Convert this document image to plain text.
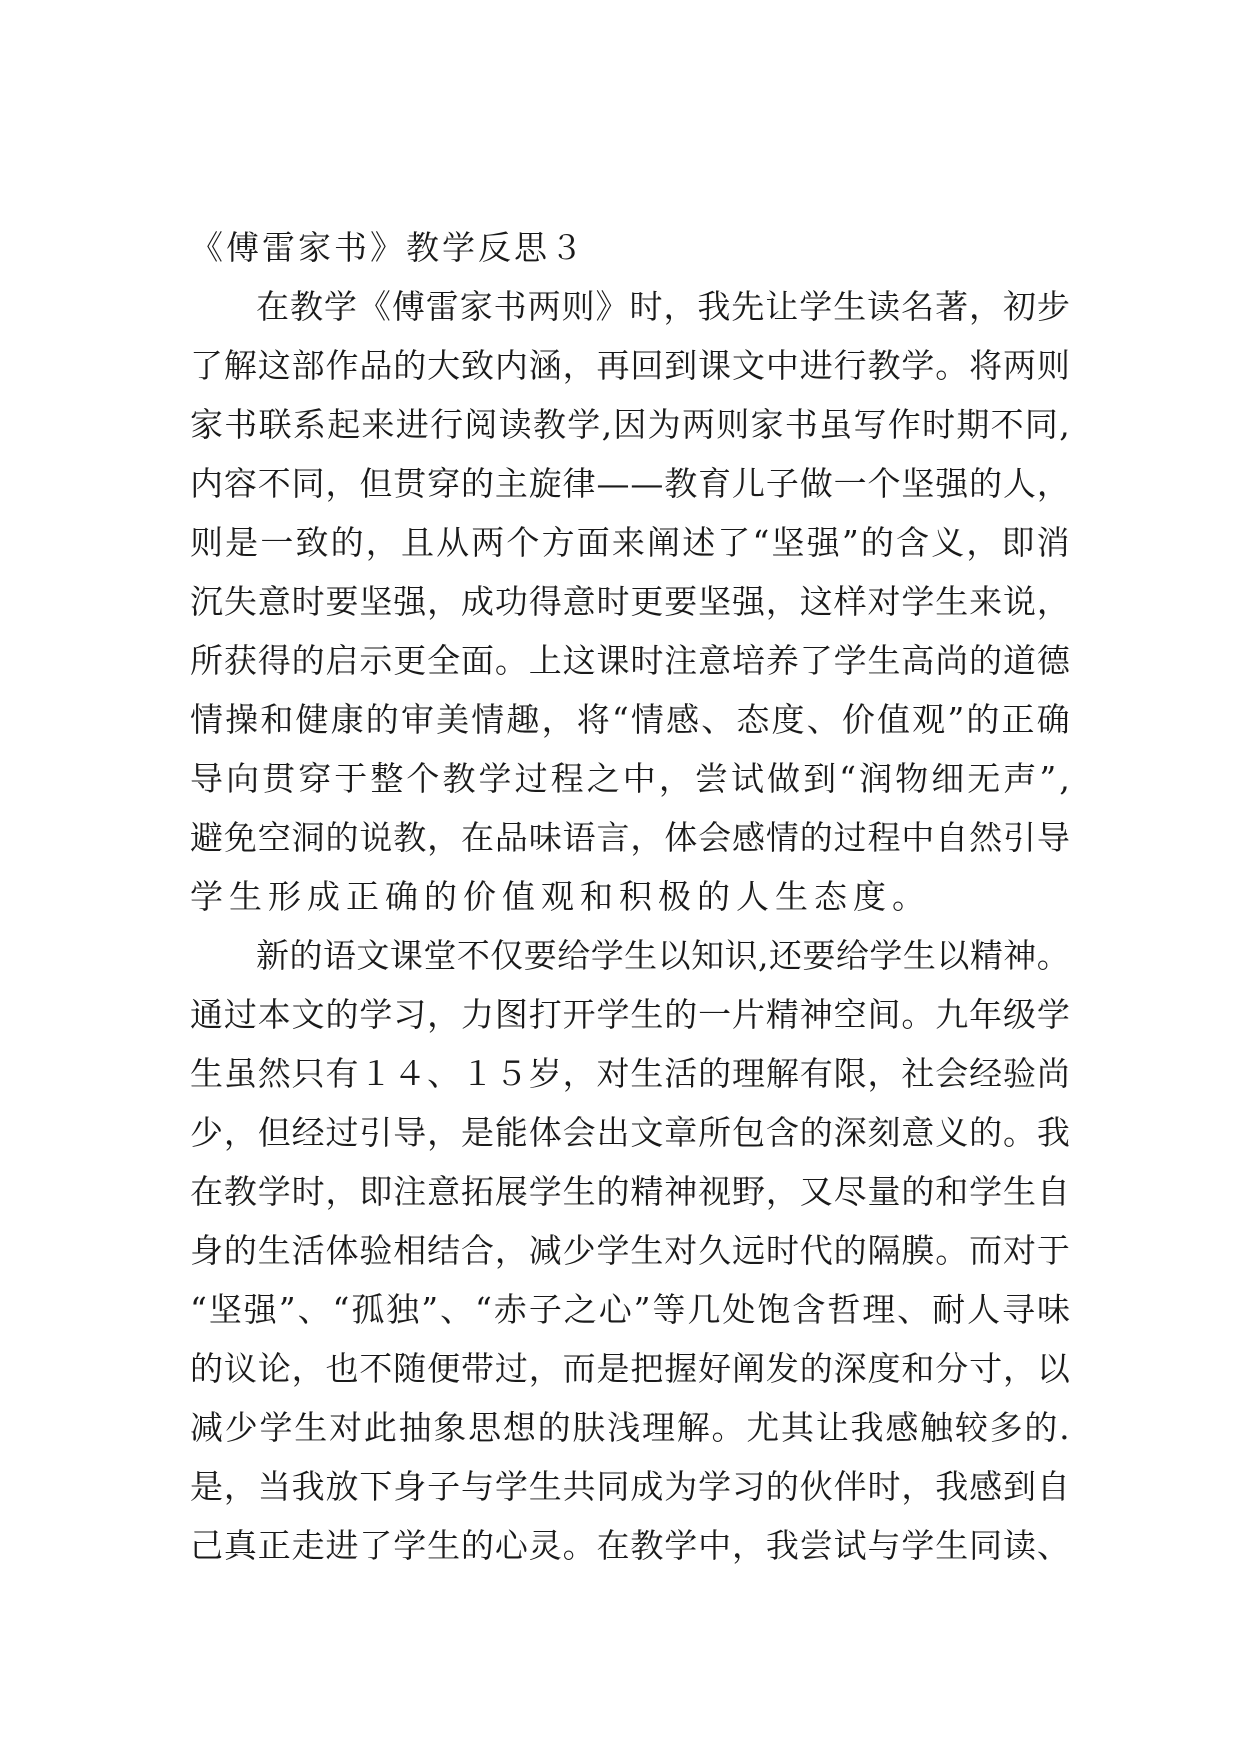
《傅雷家书》教学反思３
在 教 学 《 傅 雷 家 书 两 则 》 时 ， 我 先 让 学 生 读 名 著 ， 初 步
了 解 这 部 作 品 的 大 致 内 涵 ， 再 回 到 课 文 中 进 行 教 学 。 将 两 则
家 书 联 系 起 来 进 行 阅 读 教 学 , 因 为 两 则 家 书 虽 写 作 时 期 不 同 ,
内 容 不 同 ， 但 贯 穿 的 主 旋 律 — — 教 育 儿 子 做 一 个 坚 强 的 人 ，
则 是 一 致 的 ， 且 从 两 个 方 面 来 阐 述 了 “ 坚 强 ” 的 含 义 ， 即 消
沉 失 意 时 要 坚 强 ， 成 功 得 意 时 更 要 坚 强 ， 这 样 对 学 生 来 说 ，
所 获 得 的 启 示 更 全 面 。 上 这 课 时 注 意 培 养 了 学 生 高 尚 的 道 德
情 操 和 健 康 的 审 美 情 趣 ， 将 “ 情 感 、 态 度 、 价 值 观 ” 的 正 确
导 向 贯 穿 于 整 个 教 学 过 程 之 中 ， 尝 试 做 到 “ 润 物 细 无 声 ” ,
避 免 空 洞 的 说 教 ， 在 品 味 语 言 ， 体 会 感 情 的 过 程 中 自 然 引 导
学生形成正确的价值观和积极的人生态度。
新 的 语 文 课 堂 不 仅 要 给 学 生 以 知 识 , 还 要 给 学 生 以 精 神 。
通 过 本 文 的 学 习 ， 力 图 打 开 学 生 的 一 片 精 神 空 间 。 九 年 级 学
生 虽 然 只 有 １ ４ 、 １ ５ 岁 ， 对 生 活 的 理 解 有 限 ， 社 会 经 验 尚
少 ， 但 经 过 引 导 ， 是 能 体 会 出 文 章 所 包 含 的 深 刻 意 义 的 。 我
在 教 学 时 ， 即 注 意 拓 展 学 生 的 精 神 视 野 ， 又 尽 量 的 和 学 生 自
身 的 生 活 体 验 相 结 合 ， 减 少 学 生 对 久 远 时 代 的 隔 膜 。 而 对 于
“ 坚 强 ” 、 “ 孤 独 ” 、 “ 赤 子 之 心 ” 等 几 处 饱 含 哲 理 、 耐 人 寻 味
的 议 论 ， 也 不 随 便 带 过 ， 而 是 把 握 好 阐 发 的 深 度 和 分 寸 ， 以
减 少 学 生 对 此 抽 象 思 想 的 肤 浅 理 解 。 尤 其 让 我 感 触 较 多 的 .
是 ， 当 我 放 下 身 子 与 学 生 共 同 成 为 学 习 的 伙 伴 时 ， 我 感 到 自
己 真 正 走 进 了 学 生 的 心 灵 。 在 教 学 中 ， 我 尝 试 与 学 生 同 读 、
